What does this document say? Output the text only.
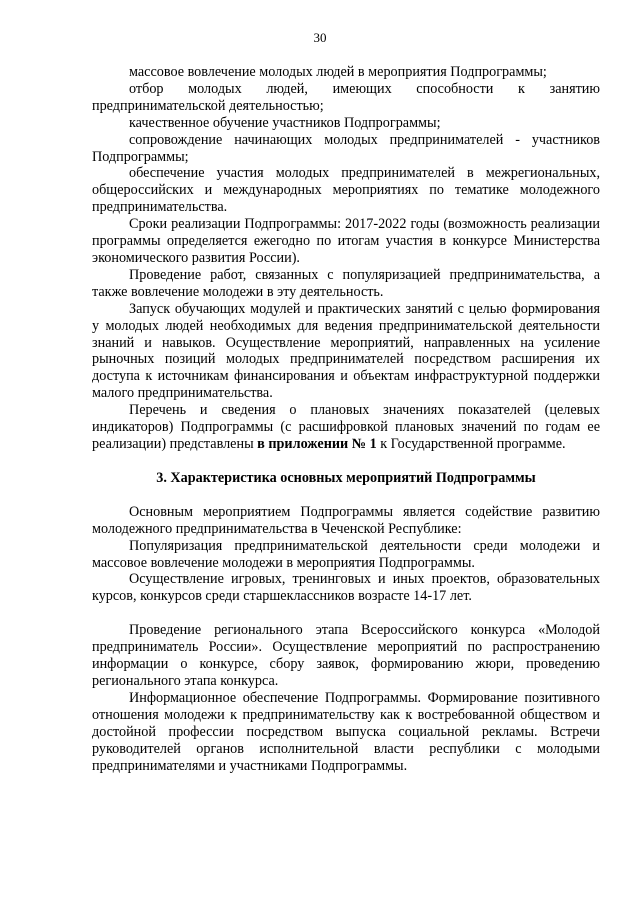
30

массовое вовлечение молодых людей в мероприятия Подпрограммы;

отбор молодых людей, имеющих способности к занятию предпринимательской деятельностью;

качественное обучение участников Подпрограммы;

сопровождение начинающих молодых предпринимателей - участников Подпрограммы;

обеспечение участия молодых предпринимателей в межрегиональных, общероссийских и международных мероприятиях по тематике молодежного предпринимательства.

Сроки реализации Подпрограммы: 2017-2022 годы (возможность реализации программы определяется ежегодно по итогам участия в конкурсе Министерства экономического развития России).

Проведение работ, связанных с популяризацией предпринимательства, а также вовлечение молодежи в эту деятельность.

Запуск обучающих модулей и практических занятий с целью формирования у молодых людей необходимых для ведения предпринимательской деятельности знаний и навыков. Осуществление мероприятий, направленных на усиление рыночных позиций молодых предпринимателей посредством расширения их доступа к источникам финансирования и объектам инфраструктурной поддержки малого предпринимательства.

Перечень и сведения о плановых значениях показателей (целевых индикаторов) Подпрограммы (с расшифровкой плановых значений по годам ее реализации) представлены в приложении № 1 к Государственной программе.

3. Характеристика основных мероприятий Подпрограммы

Основным мероприятием Подпрограммы является содействие развитию молодежного предпринимательства в Чеченской Республике:

Популяризация предпринимательской деятельности среди молодежи и массовое вовлечение молодежи в мероприятия Подпрограммы.

Осуществление игровых, тренинговых и иных проектов, образовательных курсов, конкурсов среди старшеклассников возрасте 14-17 лет.

Проведение регионального этапа Всероссийского конкурса «Молодой предприниматель России». Осуществление мероприятий по распространению информации о конкурсе, сбору заявок, формированию жюри, проведению регионального этапа конкурса.

Информационное обеспечение Подпрограммы. Формирование позитивного отношения молодежи к предпринимательству как к востребованной обществом и достойной профессии посредством выпуска социальной рекламы. Встречи руководителей органов исполнительной власти республики с молодыми предпринимателями и участниками Подпрограммы.
